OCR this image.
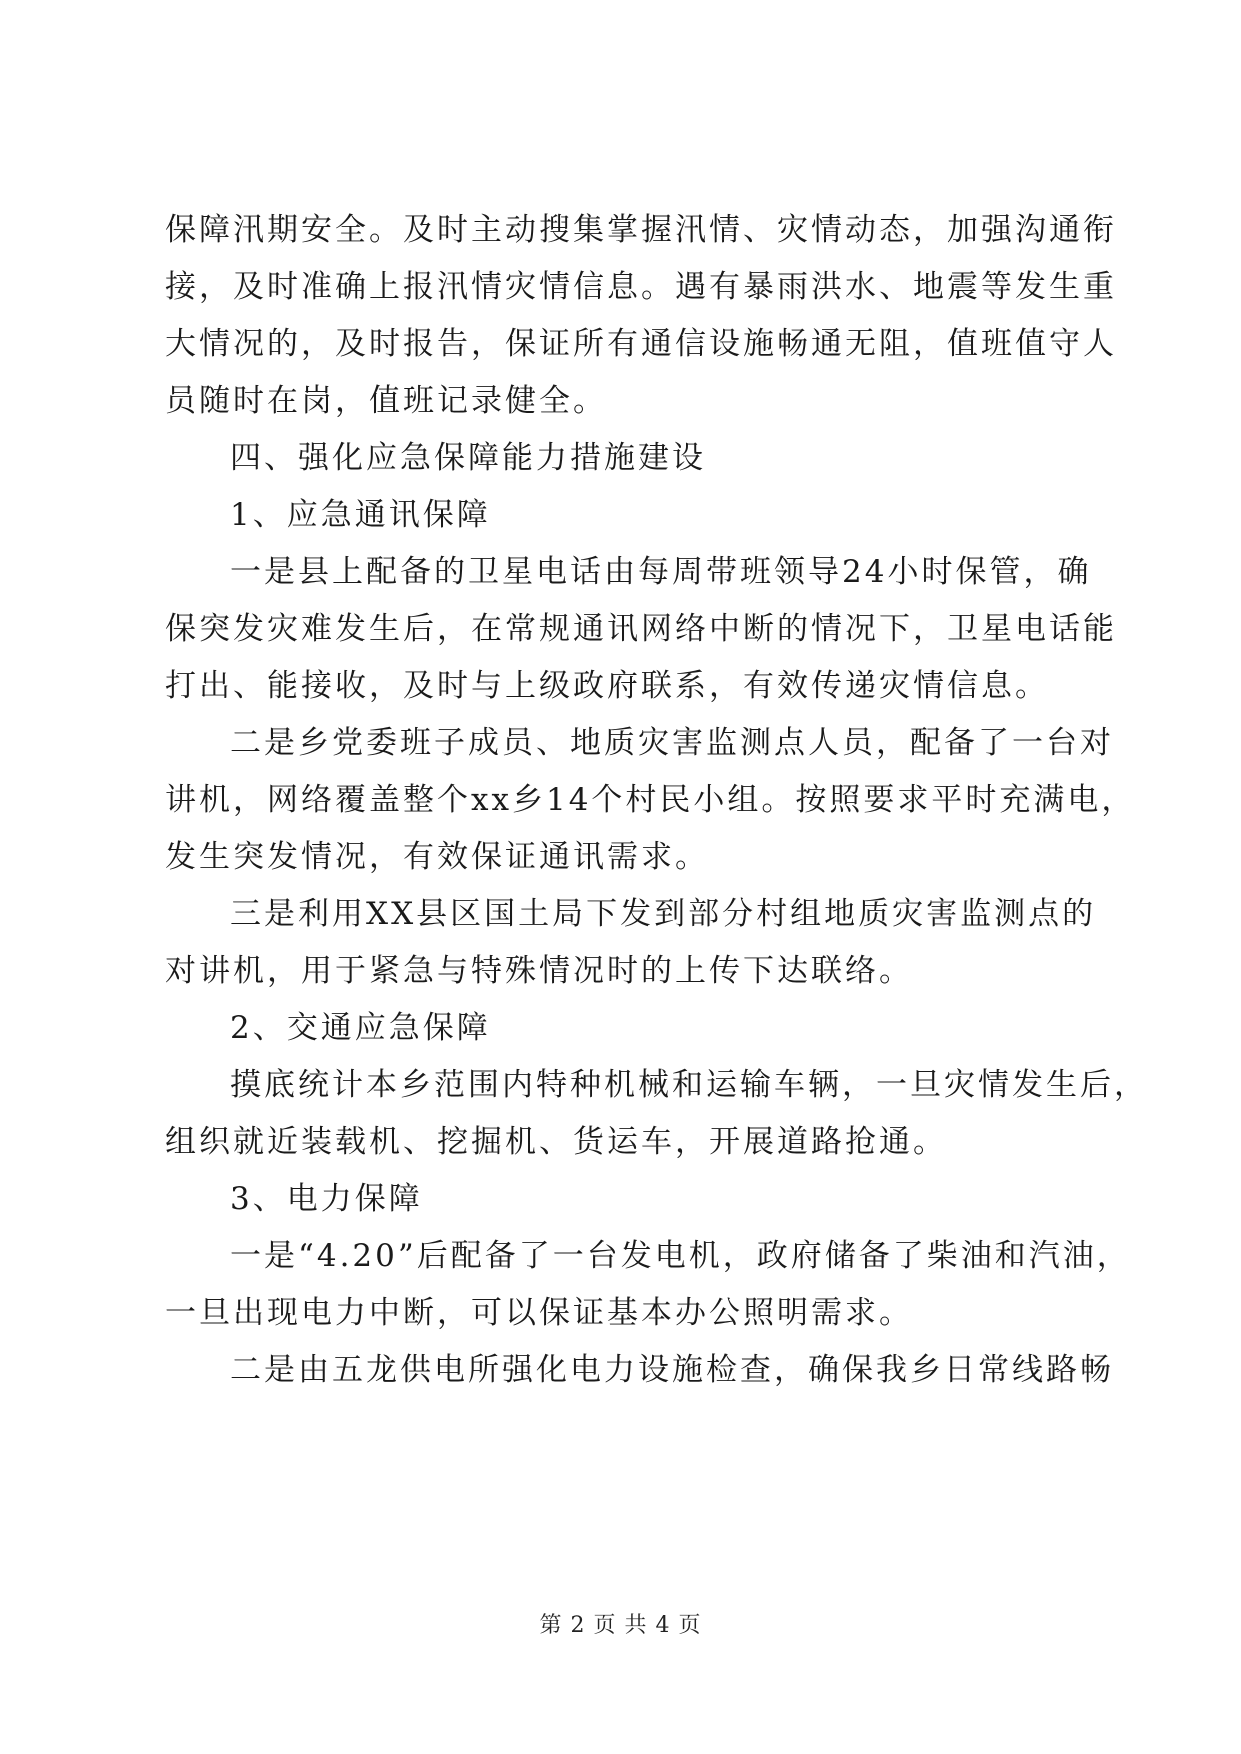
保障汛期安全。及时主动搜集掌握汛情、灾情动态，加强沟通衔
接，及时准确上报汛情灾情信息。遇有暴雨洪水、地震等发生重
大情况的，及时报告，保证所有通信设施畅通无阻，值班值守人
员随时在岗，值班记录健全。
四、强化应急保障能力措施建设
1、应急通讯保障
一是县上配备的卫星电话由每周带班领导24小时保管，确
保突发灾难发生后，在常规通讯网络中断的情况下，卫星电话能
打出、能接收，及时与上级政府联系，有效传递灾情信息。
二是乡党委班子成员、地质灾害监测点人员，配备了一台对
讲机，网络覆盖整个xx乡14个村民小组。按照要求平时充满电，
发生突发情况，有效保证通讯需求。
三是利用XX县区国土局下发到部分村组地质灾害监测点的
对讲机，用于紧急与特殊情况时的上传下达联络。
2、交通应急保障
摸底统计本乡范围内特种机械和运输车辆，一旦灾情发生后，
组织就近装载机、挖掘机、货运车，开展道路抢通。
3、电力保障
一是“4.20”后配备了一台发电机，政府储备了柴油和汽油，
一旦出现电力中断，可以保证基本办公照明需求。
二是由五龙供电所强化电力设施检查，确保我乡日常线路畅
第 2 页 共 4 页
